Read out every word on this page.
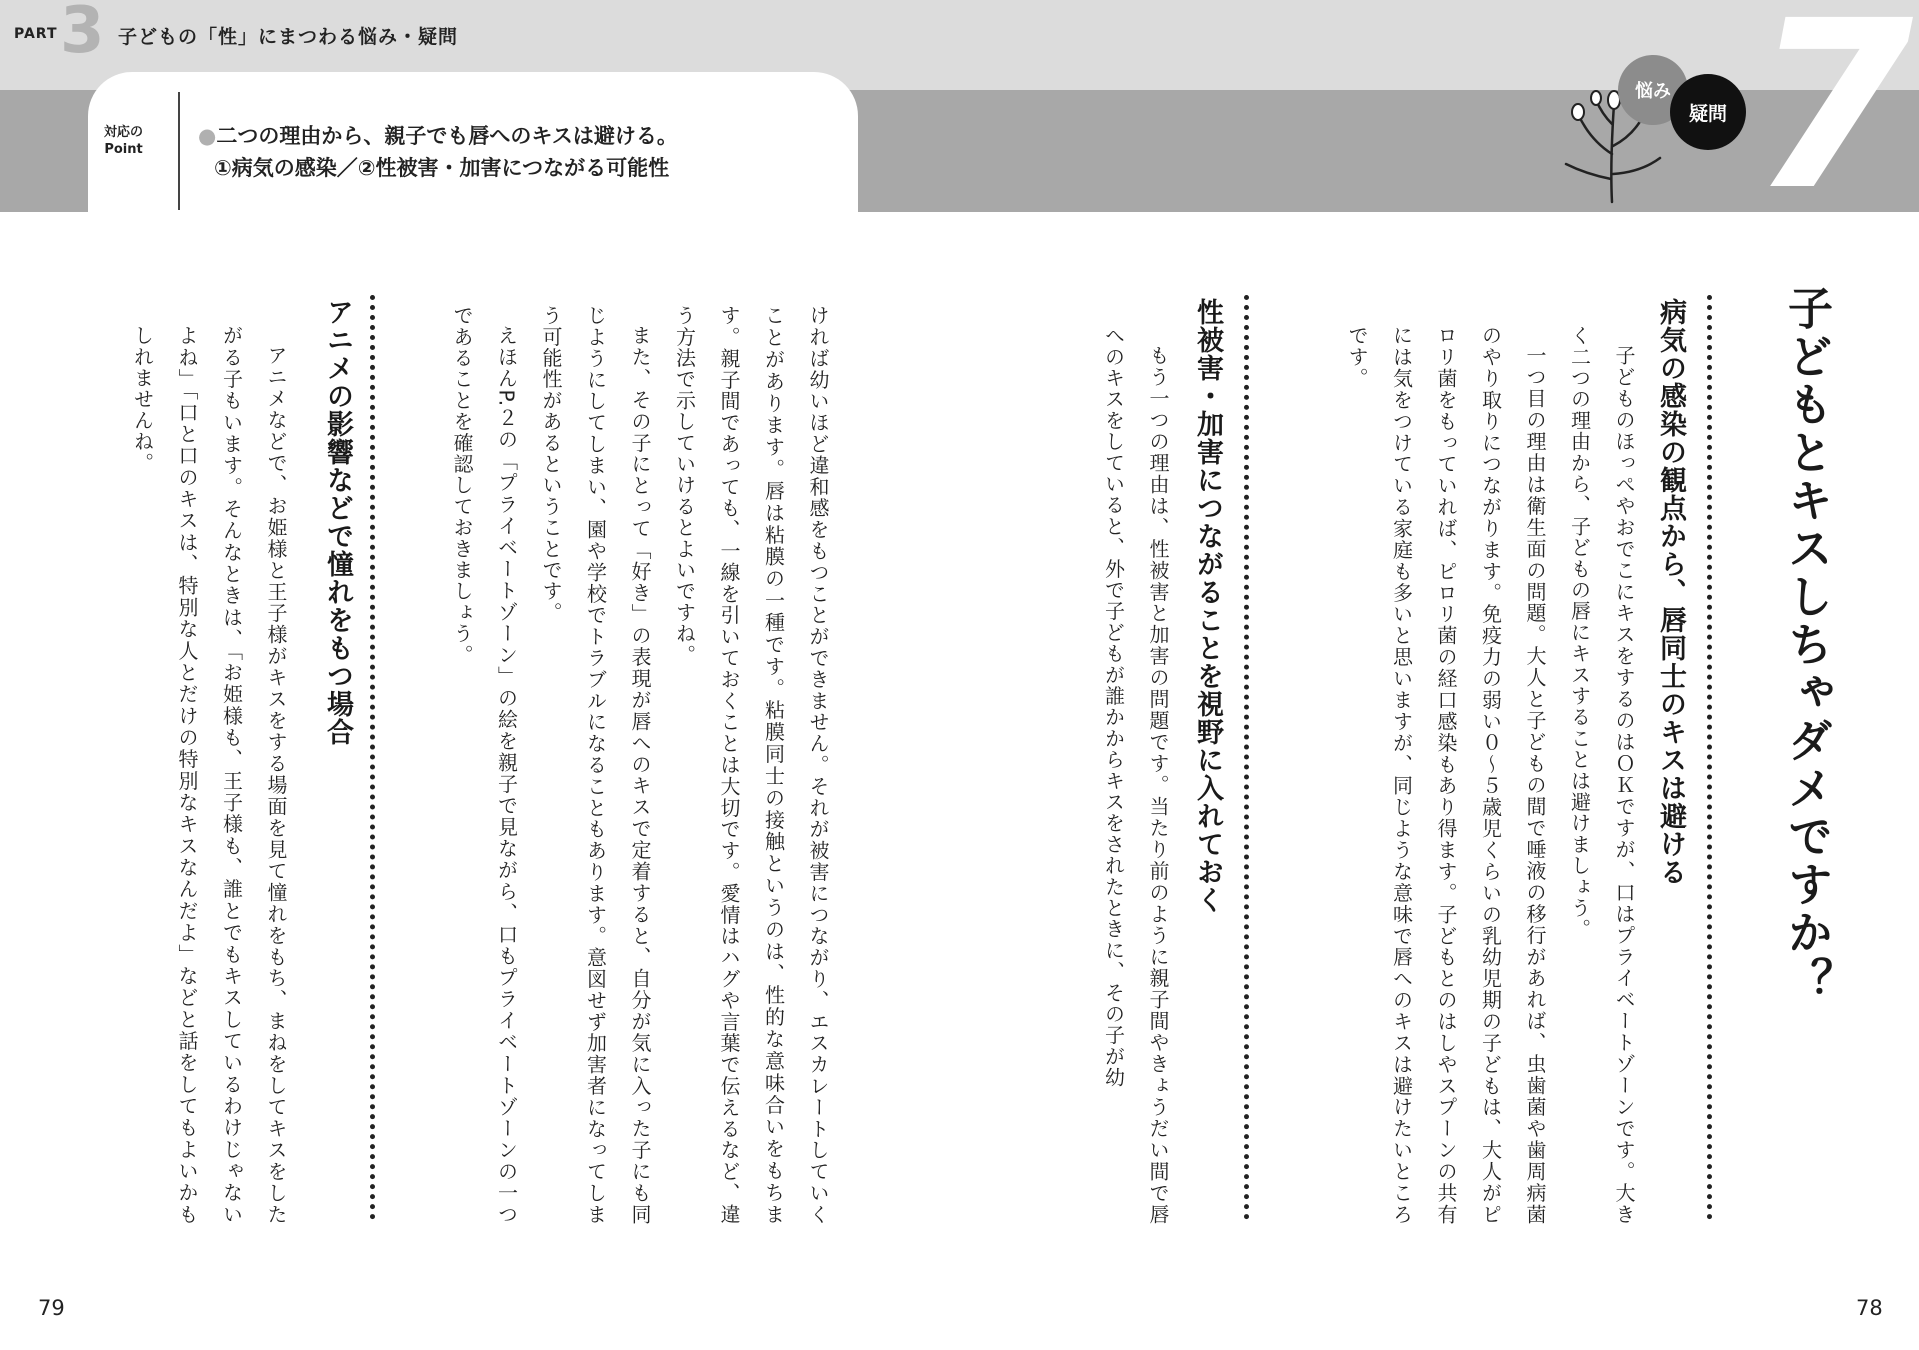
PART 3 子どもの「性」にまつわる悩み・疑問
対応の
Point
●二つの理由から、親子でも唇へのキスは避ける。
①病気の感染／②性被害・加害につながる可能性
悩み
疑問 7
子どもとキスしちゃダメですか？
病気の感染の観点から、唇同士のキスは避ける

子どものほっぺやおでこにキスをするのはＯＫですが、口はプライベートゾーンです。大きく二つの理由から、子どもの唇にキスすることは避けましょう。

一つ目の理由は衛生面の問題。大人と子どもの間で唾液の移行があれば、虫歯菌や歯周病菌のやり取りにつながります。免疫力の弱い０～５歳児くらいの乳幼児期の子どもは、大人がピロリ菌をもっていれば、ピロリ菌の経口感染もあり得ます。子どもとのはしやスプーンの共有には気をつけている家庭も多いと思いますが、同じような意味で唇へのキスは避けたいところです。

性被害・加害につながることを視野に入れておく

もう一つの理由は、性被害と加害の問題です。当たり前のように親子間やきょうだい間で唇へのキスをしていると、外で子どもが誰かからキスをされたときに、その子が幼

78

ければ幼いほど違和感をもつことができません。それが被害につながり、エスカレートしていくことがあります。唇は粘膜の一種です。粘膜同士の接触というのは、性的な意味合いをもちます。親子間であっても、一線を引いておくことは大切です。愛情はハグや言葉で伝えるなど、違う方法で示していけるとよいですね。

また、その子にとって「好き」の表現が唇へのキスで定着すると、自分が気に入った子にも同じようにしてしまい、園や学校でトラブルになることもあります。意図せず加害者になってしまう可能性があるということです。

えほんP.２の「プライベートゾーン」の絵を親子で見ながら、口もプライベートゾーンの一つであることを確認しておきましょう。

アニメの影響などで憧れをもつ場合

アニメなどで、お姫様と王子様がキスをする場面を見て憧れをもち、まねをしてキスをしたがる子もいます。そんなときは、「お姫様も、王子様も、誰とでもキスしているわけじゃないよね」「口と口のキスは、特別な人とだけの特別なキスなんだよ」などと話をしてもよいかもしれませんね。

79
